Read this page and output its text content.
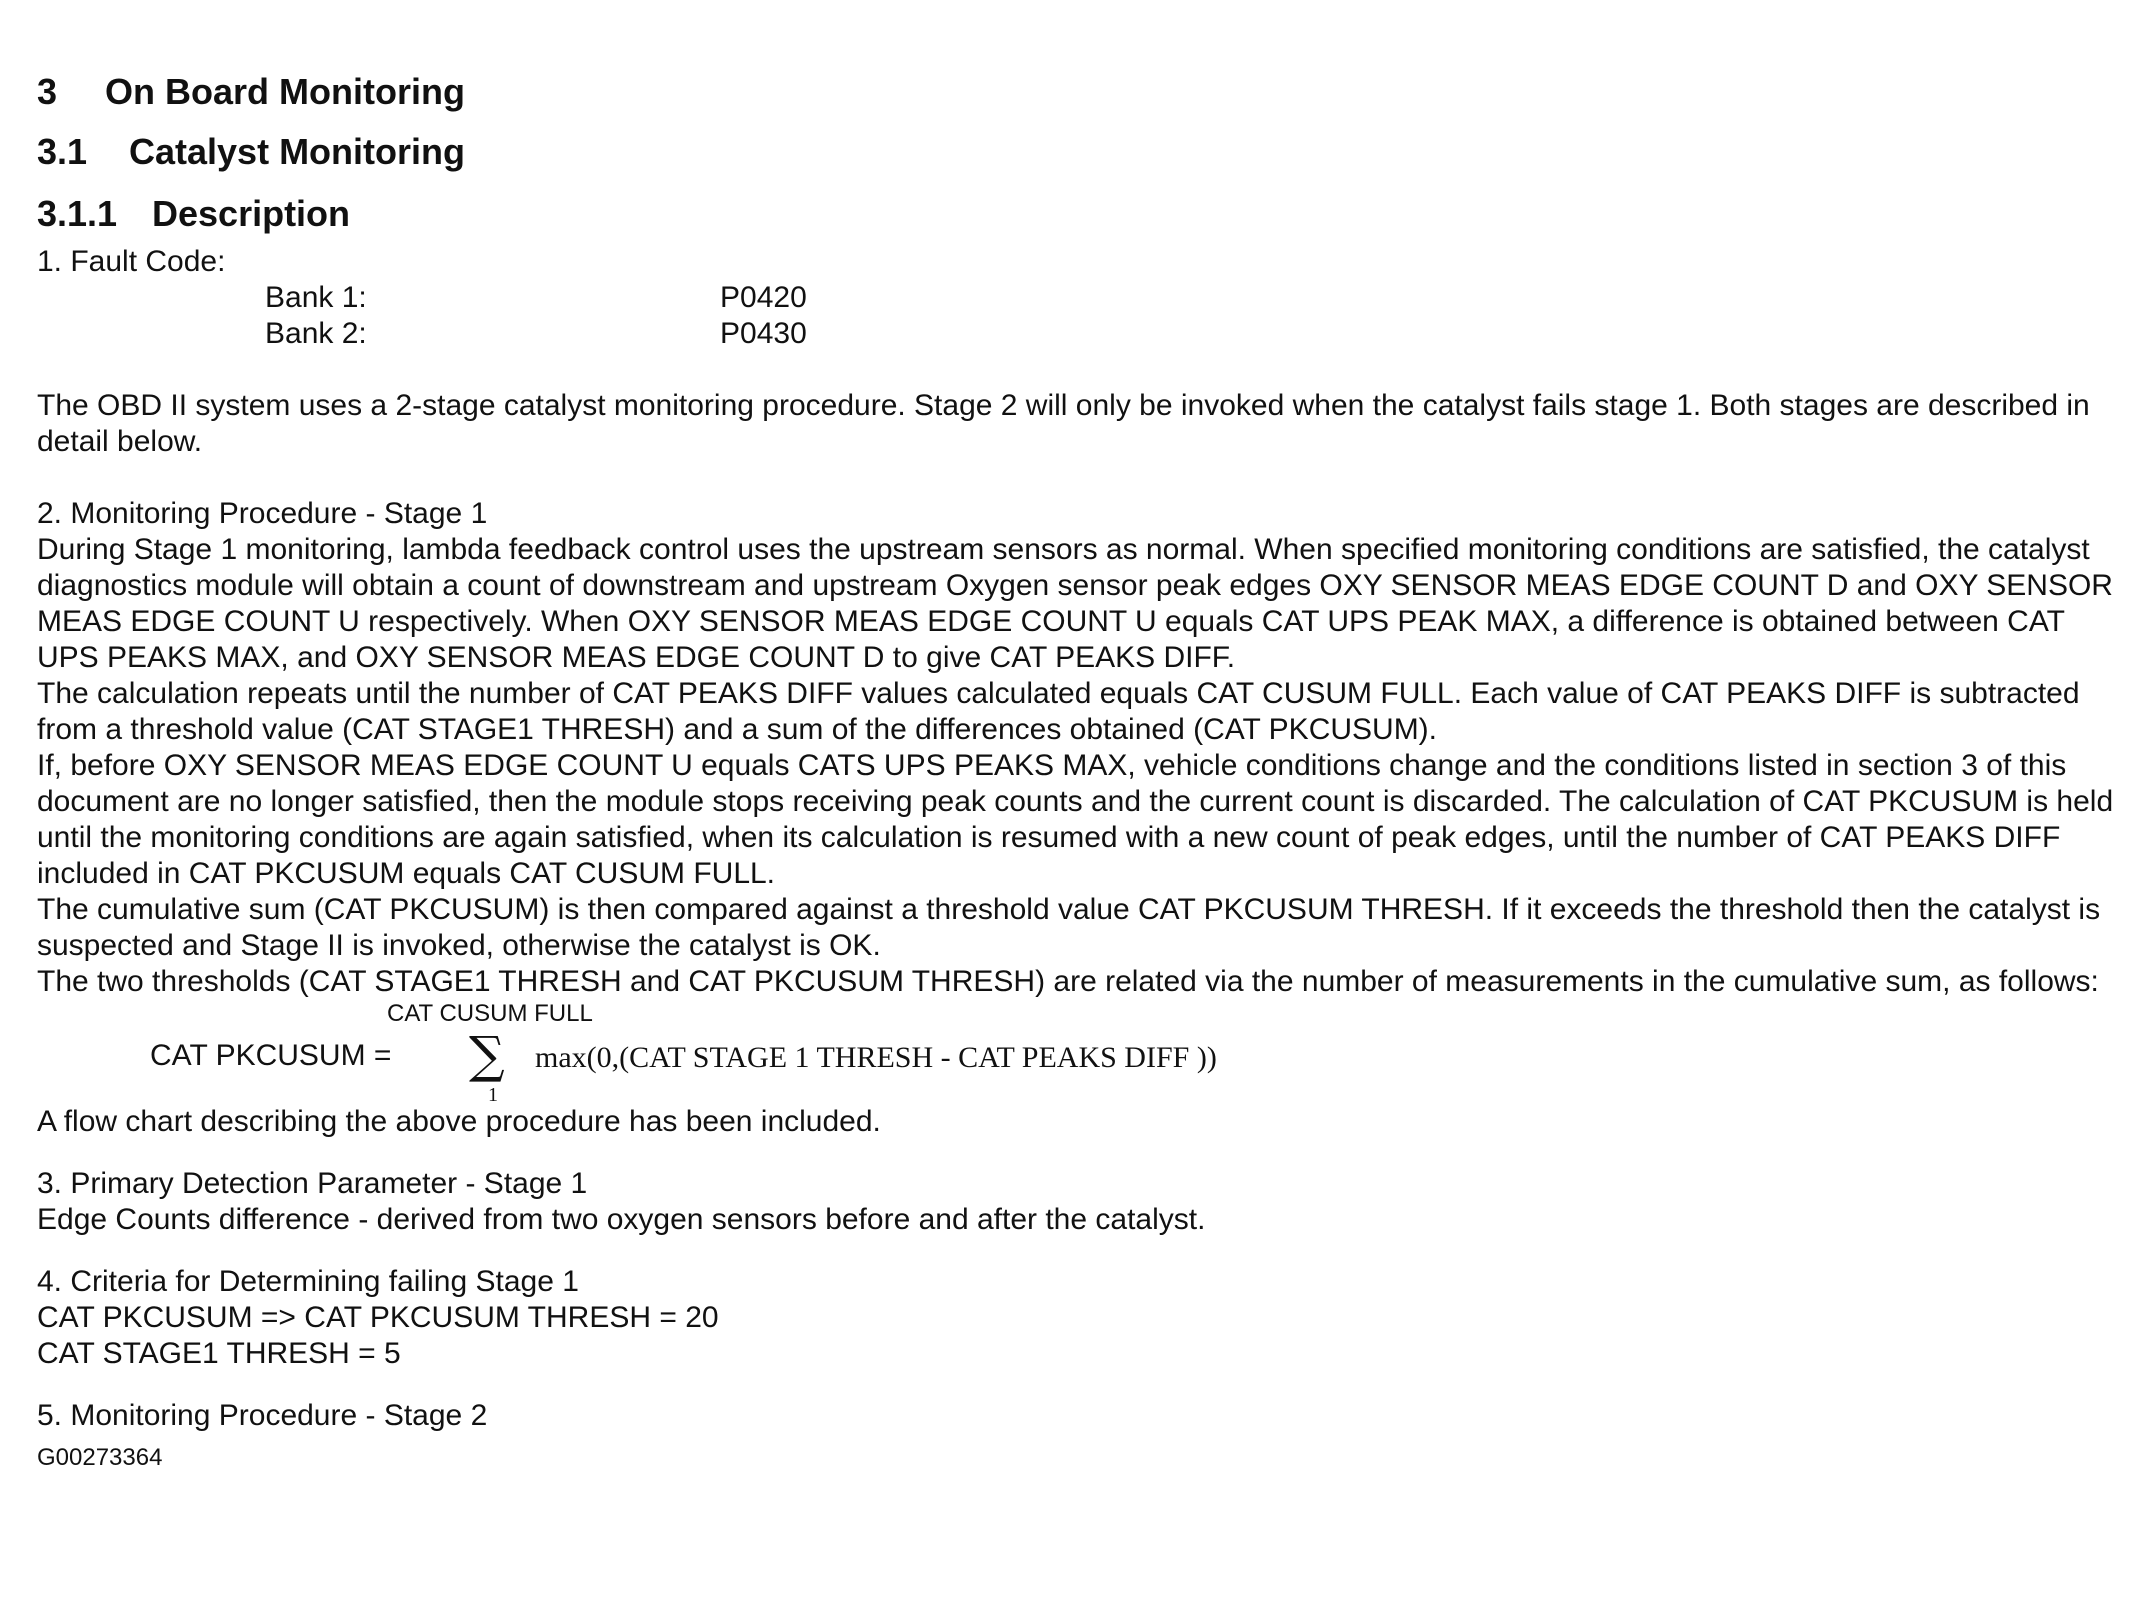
3 On Board Monitoring
3.1 Catalyst Monitoring
3.1.1 Description

1. Fault Code:

Bank 1:	P0420
Bank 2:	P0430

The OBD II system uses a 2-stage catalyst monitoring procedure. Stage 2 will only be invoked when the catalyst fails stage 1. Both stages are described in detail below.

2. Monitoring Procedure - Stage 1

During Stage 1 monitoring, lambda feedback control uses the upstream sensors as normal. When specified monitoring conditions are satisfied, the catalyst diagnostics module will obtain a count of downstream and upstream Oxygen sensor peak edges OXY SENSOR MEAS EDGE COUNT D and OXY SENSOR MEAS EDGE COUNT U respectively. When OXY SENSOR MEAS EDGE COUNT U equals CAT UPS PEAK MAX, a difference is obtained between CAT UPS PEAKS MAX, and OXY SENSOR MEAS EDGE COUNT D to give CAT PEAKS DIFF.

The calculation repeats until the number of CAT PEAKS DIFF values calculated equals CAT CUSUM FULL. Each value of CAT PEAKS DIFF is subtracted from a threshold value (CAT STAGE1 THRESH) and a sum of the differences obtained (CAT PKCUSUM).

If, before OXY SENSOR MEAS EDGE COUNT U equals CATS UPS PEAKS MAX, vehicle conditions change and the conditions listed in section 3 of this document are no longer satisfied, then the module stops receiving peak counts and the current count is discarded. The calculation of CAT PKCUSUM is held until the monitoring conditions are again satisfied, when its calculation is resumed with a new count of peak edges, until the number of CAT PEAKS DIFF included in CAT PKCUSUM equals CAT CUSUM FULL.

The cumulative sum (CAT PKCUSUM) is then compared against a threshold value CAT PKCUSUM THRESH. If it exceeds the threshold then the catalyst is suspected and Stage II is invoked, otherwise the catalyst is OK.

The two thresholds (CAT STAGE1 THRESH and CAT PKCUSUM THRESH) are related via the number of measurements in the cumulative sum, as follows:

CAT CUSUM FULL
CAT PKCUSUM = ∑ max(0,(CAT STAGE 1 THRESH - CAT PEAKS DIFF ))
1

A flow chart describing the above procedure has been included.

3. Primary Detection Parameter - Stage 1

Edge Counts difference - derived from two oxygen sensors before and after the catalyst.

4. Criteria for Determining failing Stage 1

CAT PKCUSUM => CAT PKCUSUM THRESH = 20

CAT STAGE1 THRESH = 5

5. Monitoring Procedure - Stage 2

G00273364
